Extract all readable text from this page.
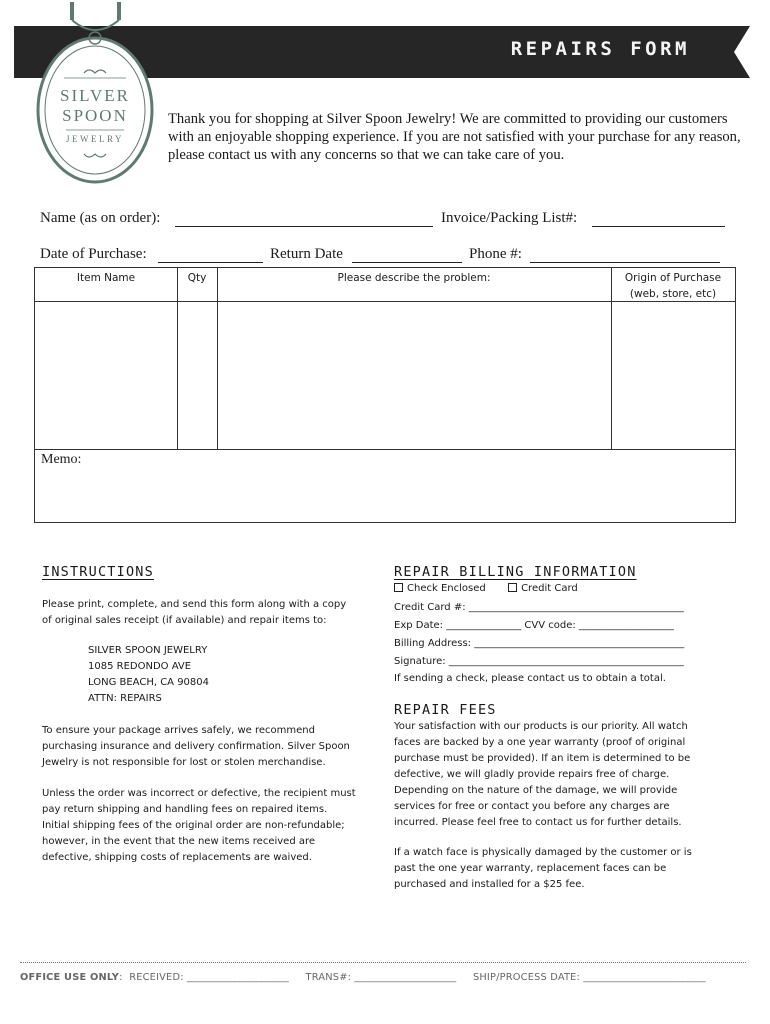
REPAIRS FORM
SILVER
SPOON
JEWELRY
Thank you for shopping at Silver Spoon Jewelry! We are committed to providing our customers with an enjoyable shopping experience. If you are not satisfied with your purchase for any reason, please contact us with any concerns so that we can take care of you.
Name (as on order):	Invoice/Packing List#:
Date of Purchase:	Return Date	Phone #:
Item Name	Qty	Please describe the problem:	Origin of Purchase
(web, store, etc)
Memo:
INSTRUCTIONS
Please print, complete, and send this form along with a copy
of original sales receipt (if available) and repair items to:
SILVER SPOON JEWELRY
1085 REDONDO AVE
LONG BEACH, CA 90804
ATTN: REPAIRS
To ensure your package arrives safely, we recommend
purchasing insurance and delivery confirmation. Silver Spoon
Jewelry is not responsible for lost or stolen merchandise.
Unless the order was incorrect or defective, the recipient must
pay return shipping and handling fees on repaired items.
Initial shipping fees of the original order are non-refundable;
however, in the event that the new items received are
defective, shipping costs of replacements are waived.
REPAIR BILLING INFORMATION
Check Enclosed	Credit Card
Credit Card #: ___________________________________________
Exp Date: _______________ CVV code: ___________________
Billing Address: __________________________________________
Signature: _______________________________________________
If sending a check, please contact us to obtain a total.
REPAIR FEES
Your satisfaction with our products is our priority. All watch
faces are backed by a one year warranty (proof of original
purchase must be provided). If an item is determined to be
defective, we will gladly provide repairs free of charge.
Depending on the nature of the damage, we will provide
services for free or contact you before any charges are
incurred. Please feel free to contact us for further details.
If a watch face is physically damaged by the customer or is
past the one year warranty, replacement faces can be
purchased and installed for a $25 fee.
OFFICE USE ONLY:  RECEIVED: ____________________     TRANS#: ____________________     SHIP/PROCESS DATE: ________________________
